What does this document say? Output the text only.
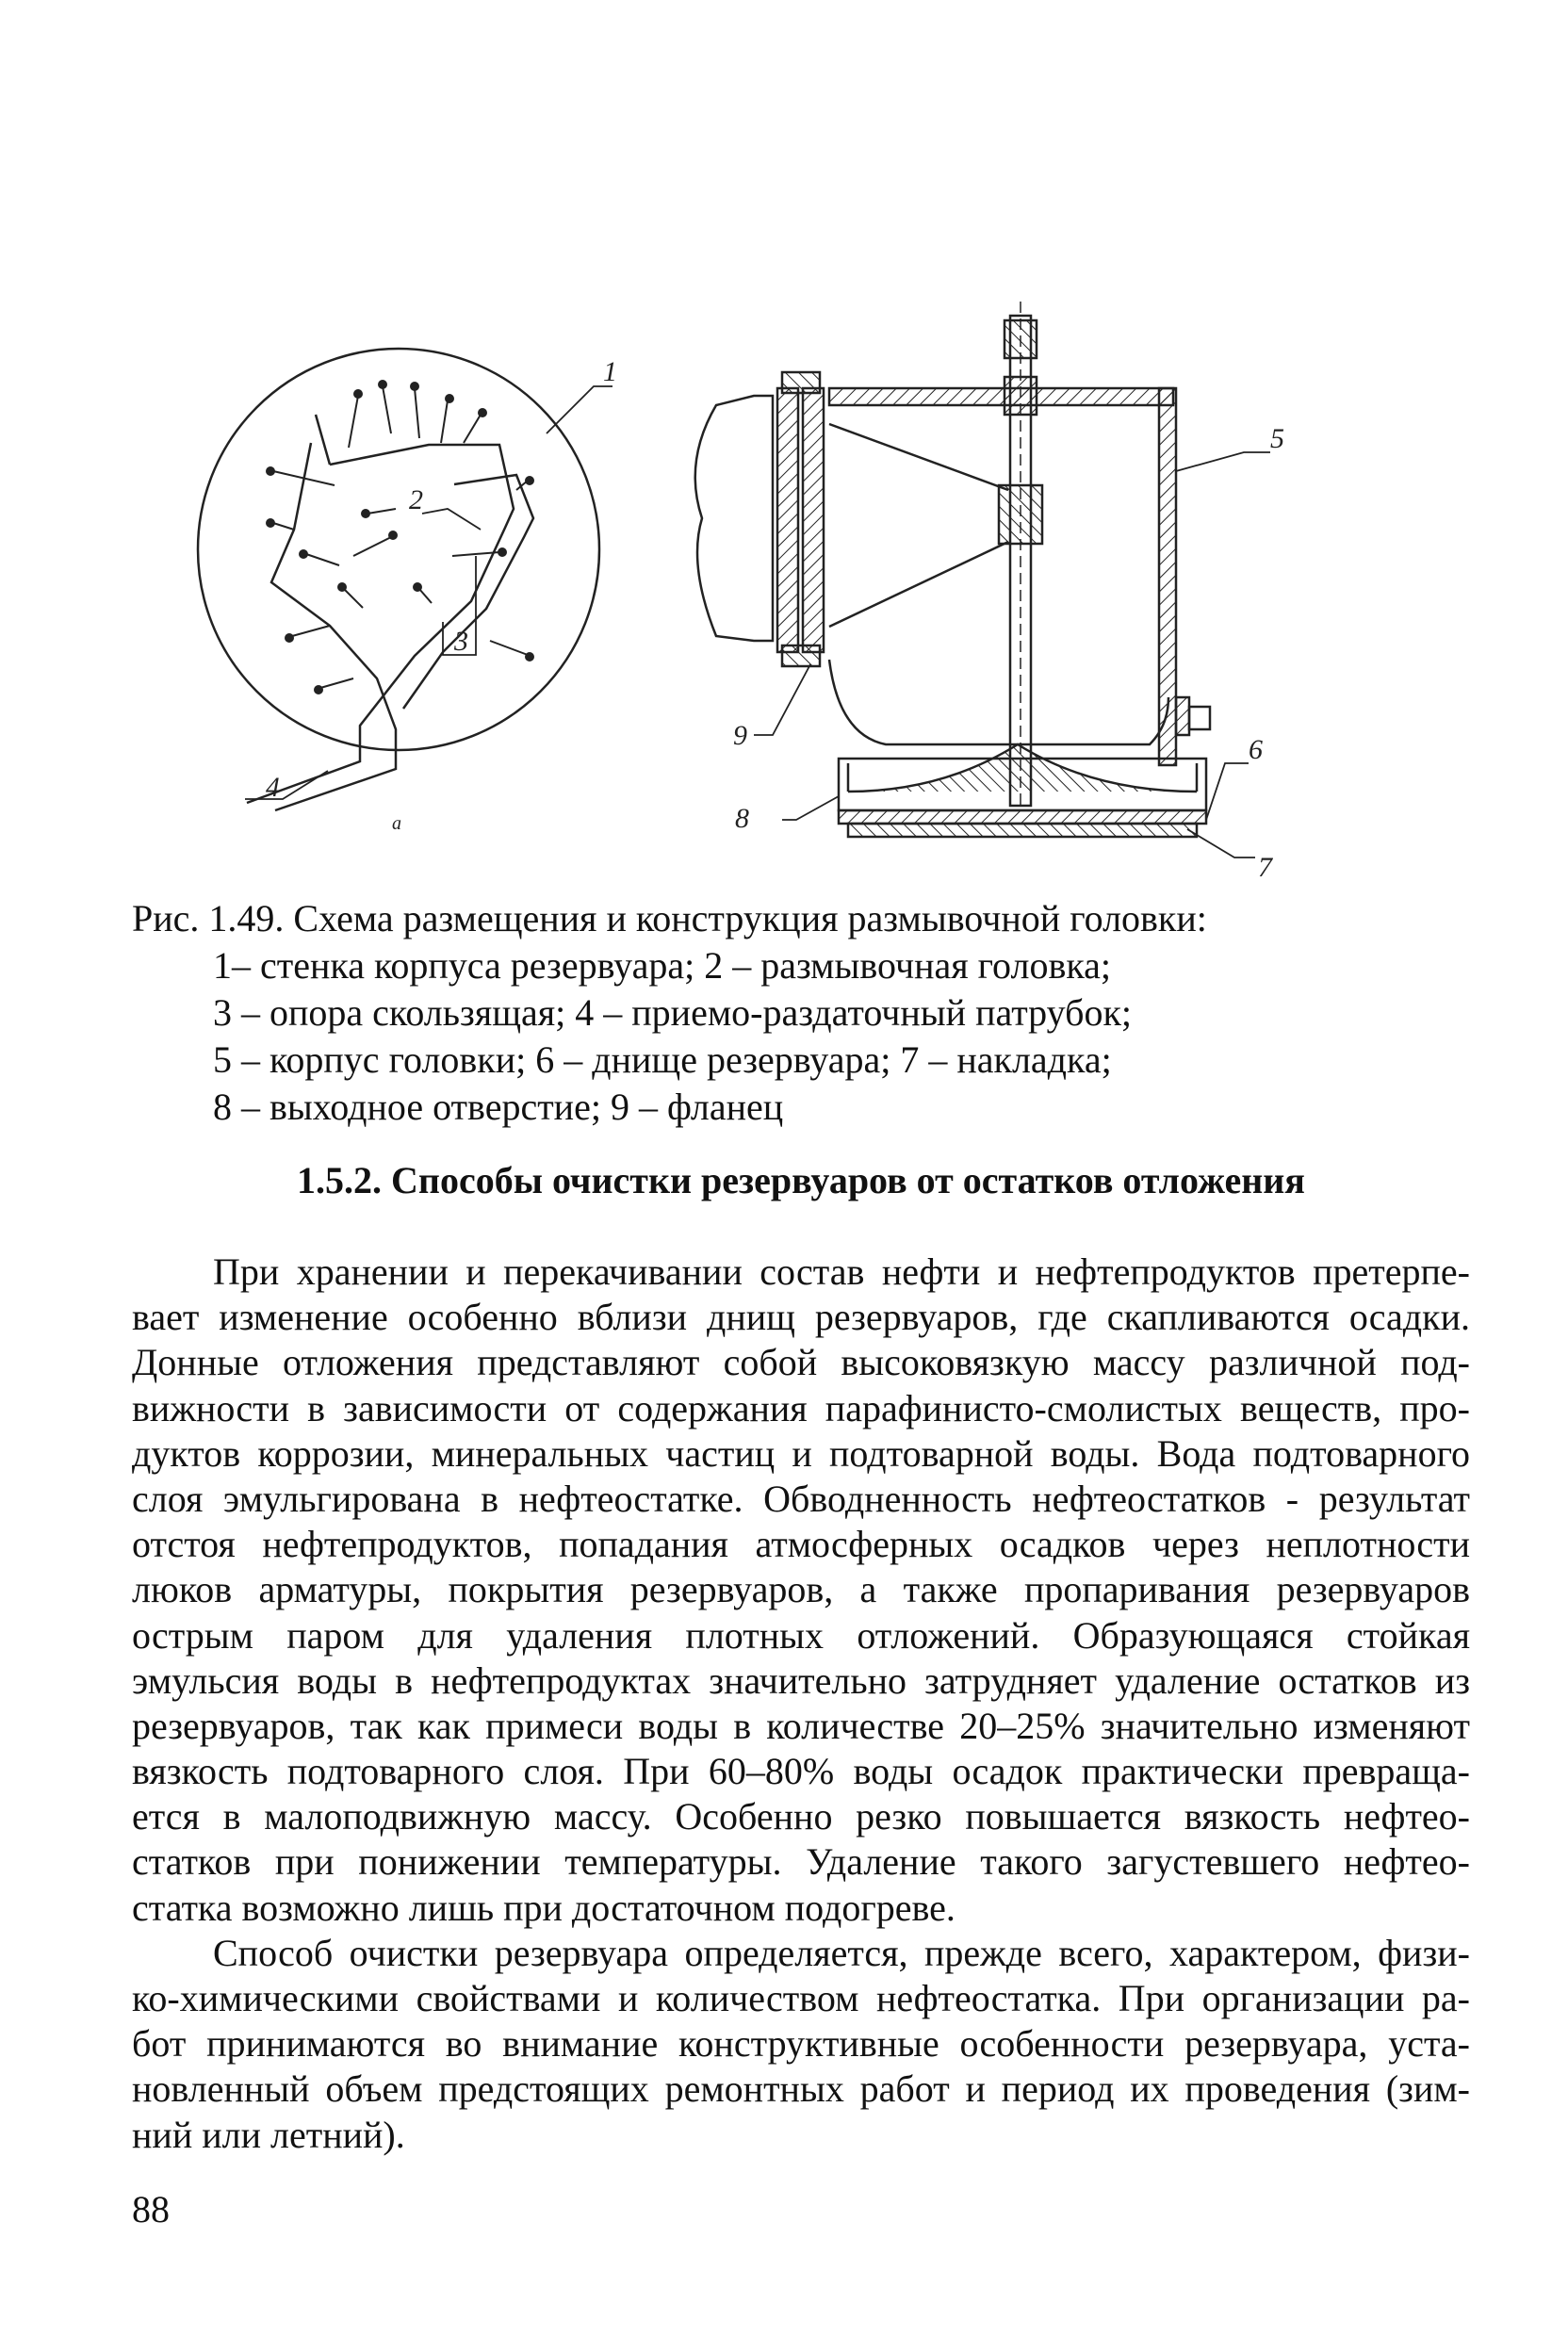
1
2
3
4
а
5
6
7
8
9
Рис. 1.49. Схема размещения и конструкция размывочной головки:
1– стенка корпуса резервуара; 2 – размывочная головка;
3 – опора скользящая; 4 – приемо-раздаточный патрубок;
5 – корпус головки; 6 – днище резервуара; 7 – накладка;
8 – выходное отверстие; 9 – фланец
1.5.2. Способы очистки резервуаров от остатков отложения
При хранении и перекачивании состав нефти и нефтепродуктов претерпе-
вает изменение особенно вблизи днищ резервуаров, где скапливаются осадки.
Донные отложения представляют собой высоковязкую массу различной под-
вижности в зависимости от содержания парафинисто-смолистых веществ, про-
дуктов коррозии, минеральных частиц и подтоварной воды. Вода подтоварного
слоя эмульгирована в нефтеостатке. Обводненность нефтеостатков - результат
отстоя нефтепродуктов, попадания атмосферных осадков через неплотности
люков арматуры, покрытия резервуаров, а также пропаривания резервуаров
острым паром для удаления плотных отложений. Образующаяся стойкая
эмульсия воды в нефтепродуктах значительно затрудняет удаление остатков из
резервуаров, так как примеси воды в количестве 20–25% значительно изменяют
вязкость подтоварного слоя. При 60–80% воды осадок практически превраща-
ется в малоподвижную массу. Особенно резко повышается вязкость нефтео-
статков при понижении температуры. Удаление такого загустевшего нефтео-
статка возможно лишь при достаточном подогреве.
Способ очистки резервуара определяется, прежде всего, характером, физи-
ко-химическими свойствами и количеством нефтеостатка. При организации ра-
бот принимаются во внимание конструктивные особенности резервуара, уста-
новленный объем предстоящих ремонтных работ и период их проведения (зим-
ний или летний).
88
